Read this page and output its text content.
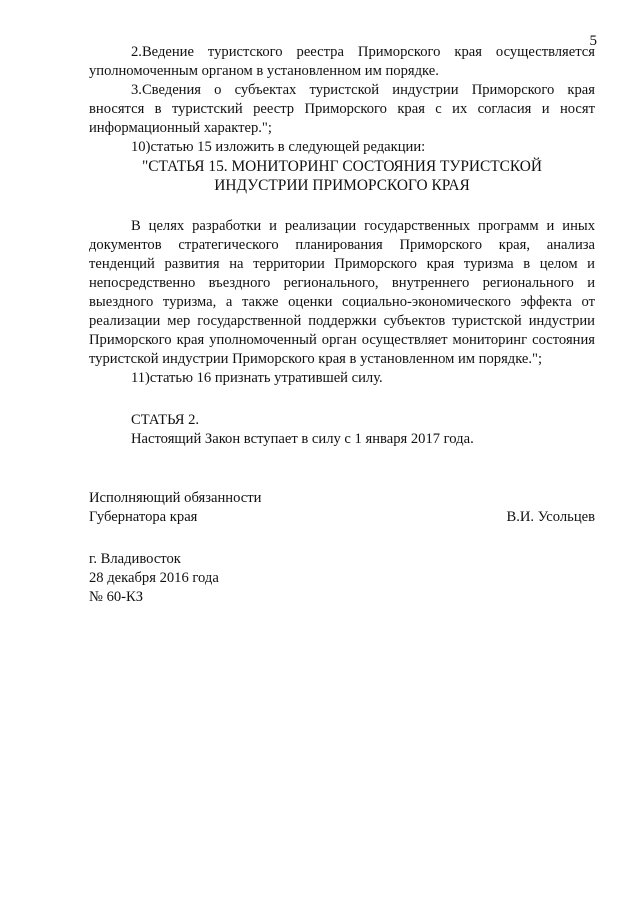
5

2.Ведение туристского реестра Приморского края осуществляется уполномоченным органом в установленном им порядке.

3.Сведения о субъектах туристской индустрии Приморского края вносятся в туристский реестр Приморского края с их согласия и носят информационный характер.";

10)статью 15 изложить в следующей редакции:

"СТАТЬЯ 15. МОНИТОРИНГ СОСТОЯНИЯ ТУРИСТСКОЙ

ИНДУСТРИИ ПРИМОРСКОГО КРАЯ

В целях разработки и реализации государственных программ и иных документов стратегического планирования Приморского края, анализа тенденций развития на территории Приморского края туризма в целом и непосредственно въездного регионального, внутреннего регионального и выездного туризма, а также оценки социально-экономического эффекта от реализации мер государственной поддержки субъектов туристской индустрии Приморского края уполномоченный орган осуществляет мониторинг состояния туристской индустрии Приморского края в установленном им порядке.";

11)статью 16 признать утратившей силу.

СТАТЬЯ 2.

Настоящий Закон вступает в силу с 1 января 2017 года.

Исполняющий обязанности

Губернатора края	В.И. Усольцев

г. Владивосток

28 декабря 2016 года

№ 60-КЗ
